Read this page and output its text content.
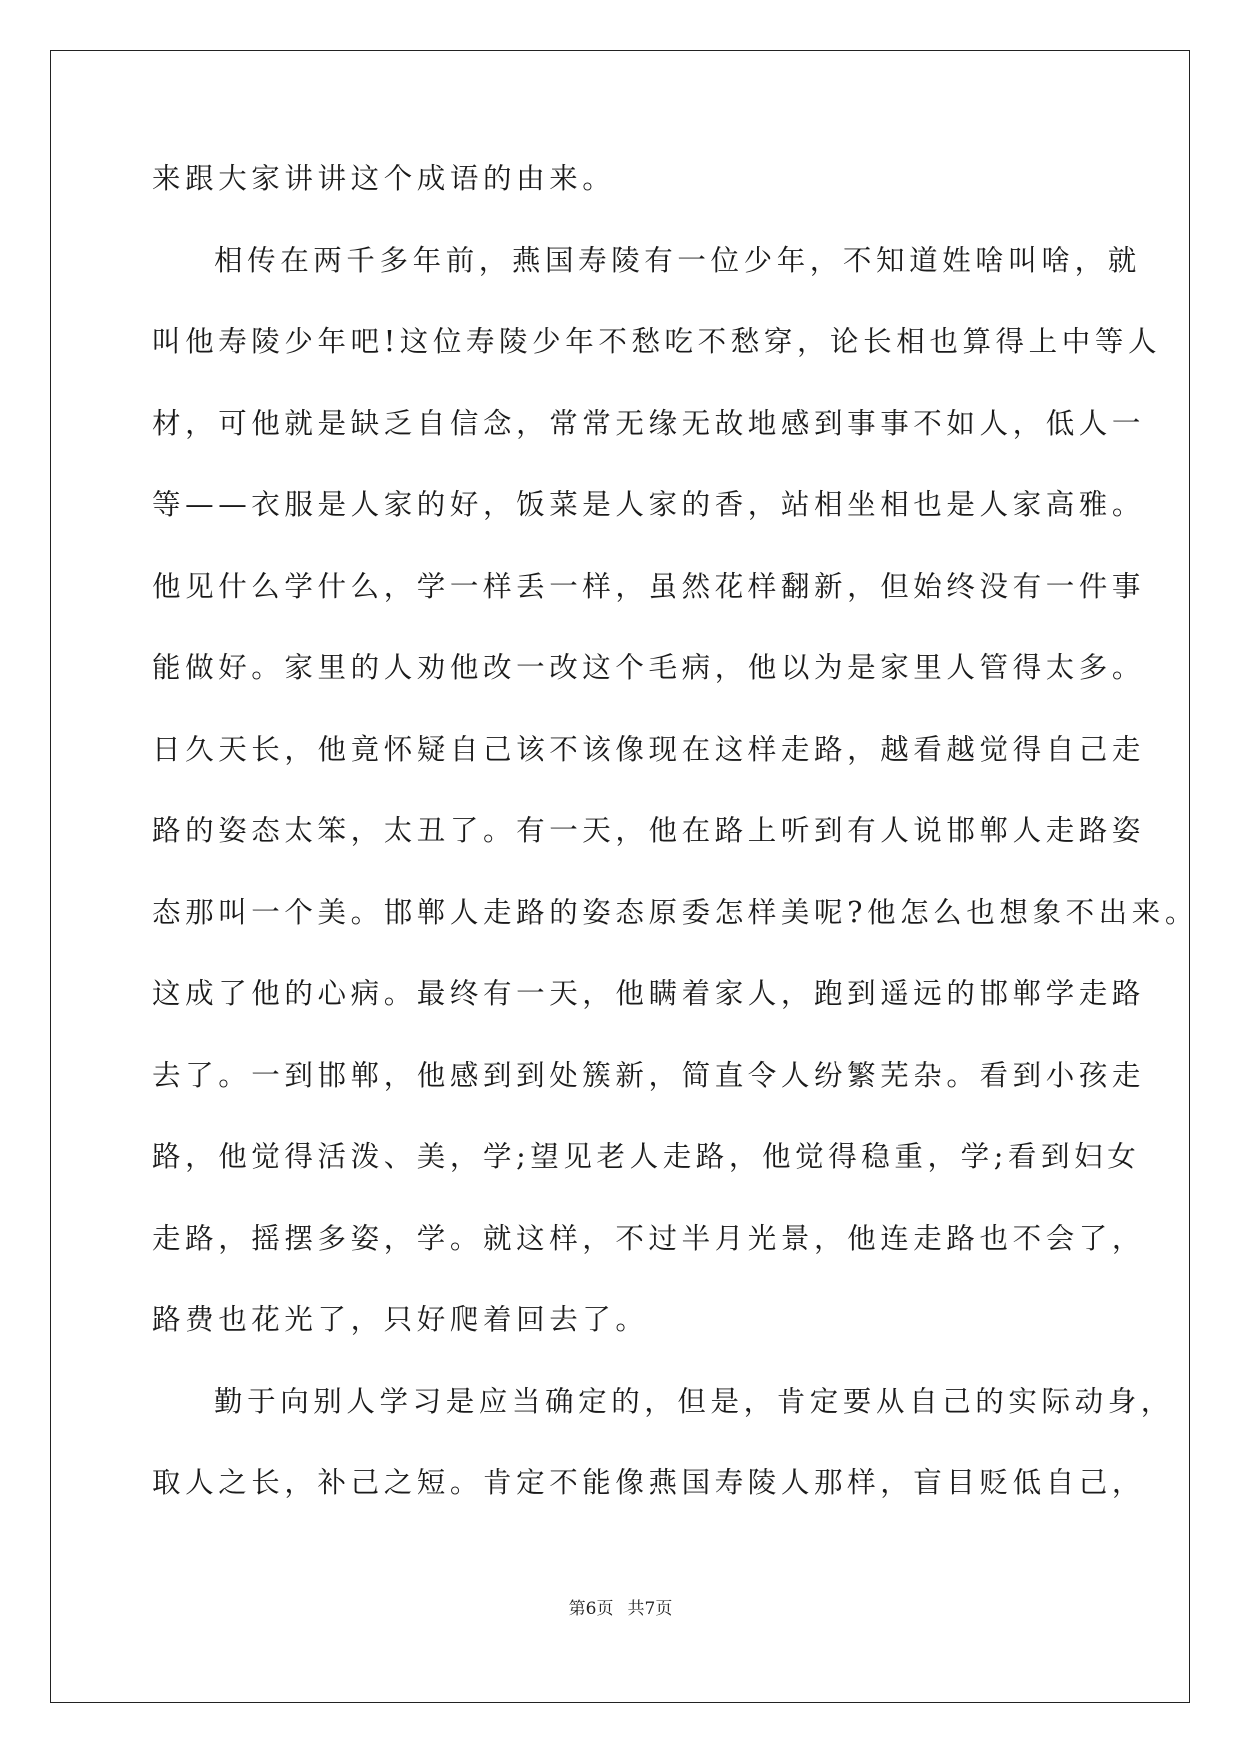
来跟大家讲讲这个成语的由来。
相传在两千多年前，燕国寿陵有一位少年，不知道姓啥叫啥，就
叫他寿陵少年吧!这位寿陵少年不愁吃不愁穿，论长相也算得上中等人
材，可他就是缺乏自信念，常常无缘无故地感到事事不如人，低人一
等——衣服是人家的好，饭菜是人家的香，站相坐相也是人家高雅。
他见什么学什么，学一样丢一样，虽然花样翻新，但始终没有一件事
能做好。家里的人劝他改一改这个毛病，他以为是家里人管得太多。
日久天长，他竟怀疑自己该不该像现在这样走路，越看越觉得自己走
路的姿态太笨，太丑了。有一天，他在路上听到有人说邯郸人走路姿
态那叫一个美。邯郸人走路的姿态原委怎样美呢?他怎么也想象不出来。
这成了他的心病。最终有一天，他瞒着家人，跑到遥远的邯郸学走路
去了。一到邯郸，他感到到处簇新，简直令人纷繁芜杂。看到小孩走
路，他觉得活泼、美，学;望见老人走路，他觉得稳重，学;看到妇女
走路，摇摆多姿，学。就这样，不过半月光景，他连走路也不会了，
路费也花光了，只好爬着回去了。
勤于向别人学习是应当确定的，但是，肯定要从自己的实际动身，
取人之长，补己之短。肯定不能像燕国寿陵人那样，盲目贬低自己，
第6页 共7页
